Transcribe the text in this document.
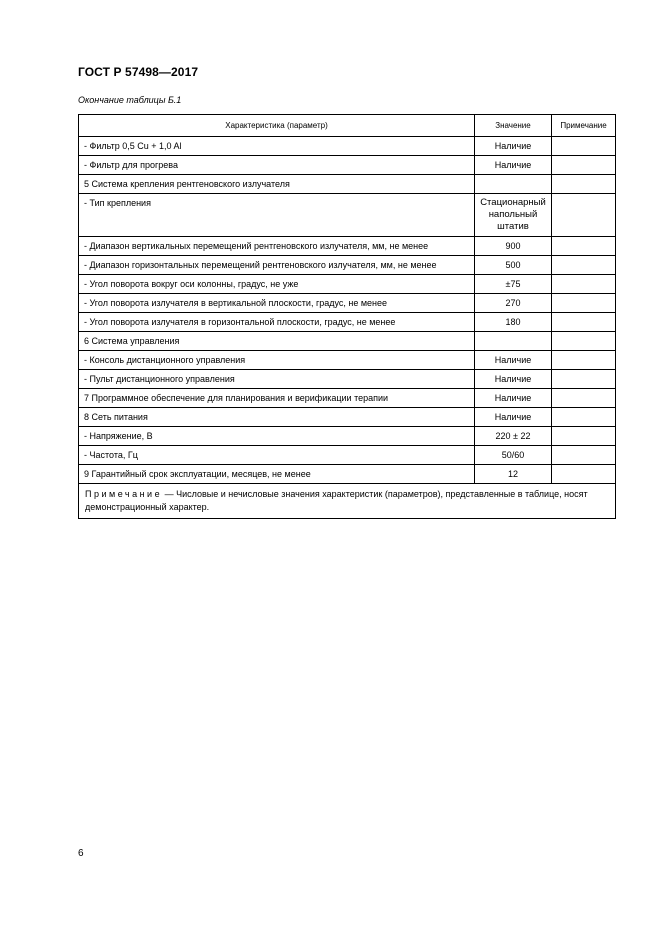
ГОСТ Р 57498—2017
Окончание таблицы Б.1
Характеристика (параметр)	Значение	Примечание
- Фильтр 0,5 Cu + 1,0 Al	Наличие	
- Фильтр для прогрева	Наличие	
5 Система крепления рентгеновского излучателя		
- Тип крепления	Стационарный напольный штатив	
- Диапазон вертикальных перемещений рентгеновского излучателя, мм, не менее	900	
- Диапазон горизонтальных перемещений рентгеновского излучателя, мм, не менее	500	
- Угол поворота вокруг оси колонны, градус, не уже	±75	
- Угол поворота излучателя в вертикальной плоскости, градус, не менее	270	
- Угол поворота излучателя в горизонтальной плоскости, градус, не менее	180	
6 Система управления		
- Консоль дистанционного управления	Наличие	
- Пульт дистанционного управления	Наличие	
7 Программное обеспечение для планирования и верификации терапии	Наличие	
8 Сеть питания	Наличие	
- Напряжение, В	220 ± 22	
- Частота, Гц	50/60	
9 Гарантийный срок эксплуатации, месяцев, не менее	12	
Примечание — Числовые и нечисловые значения характеристик (параметров), представленные в таблице, носят демонстрационный характер.		
6
